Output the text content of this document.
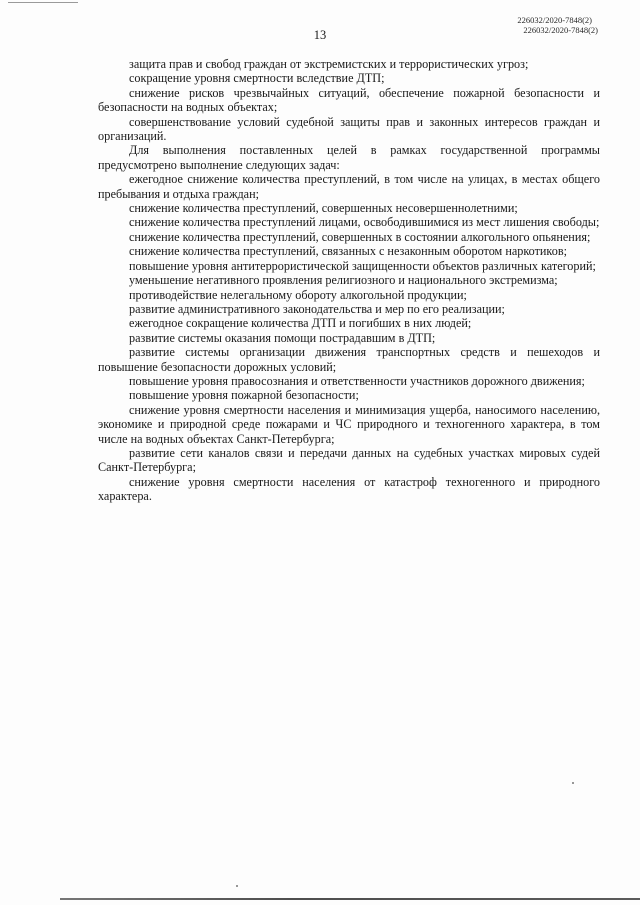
226032/2020-7848(2)
226032/2020-7848(2)
13

защита прав и свобод граждан от экстремистских и террористических угроз;

сокращение уровня смертности вследствие ДТП;

снижение рисков чрезвычайных ситуаций, обеспечение пожарной безопасности и безопасности на водных объектах;

совершенствование условий судебной защиты прав и законных интересов граждан и организаций.

Для выполнения поставленных целей в рамках государственной программы предусмотрено выполнение следующих задач:

ежегодное снижение количества преступлений, в том числе на улицах, в местах общего пребывания и отдыха граждан;

снижение количества преступлений, совершенных несовершеннолетними;

снижение количества преступлений лицами, освободившимися из мест лишения свободы;

снижение количества преступлений, совершенных в состоянии алкогольного опьянения;

снижение количества преступлений, связанных с незаконным оборотом наркотиков;

повышение уровня антитеррористической защищенности объектов различных категорий;

уменьшение негативного проявления религиозного и национального экстремизма;

противодействие нелегальному обороту алкогольной продукции;

развитие административного законодательства и мер по его реализации;

ежегодное сокращение количества ДТП и погибших в них людей;

развитие системы оказания помощи пострадавшим в ДТП;

развитие системы организации движения транспортных средств и пешеходов и повышение безопасности дорожных условий;

повышение уровня правосознания и ответственности участников дорожного движения;

повышение уровня пожарной безопасности;

снижение уровня смертности населения и минимизация ущерба, наносимого населению, экономике и природной среде пожарами и ЧС природного и техногенного характера, в том числе на водных объектах Санкт-Петербурга;

развитие сети каналов связи и передачи данных на судебных участках мировых судей Санкт-Петербурга;

снижение уровня смертности населения от катастроф техногенного и природного характера.
